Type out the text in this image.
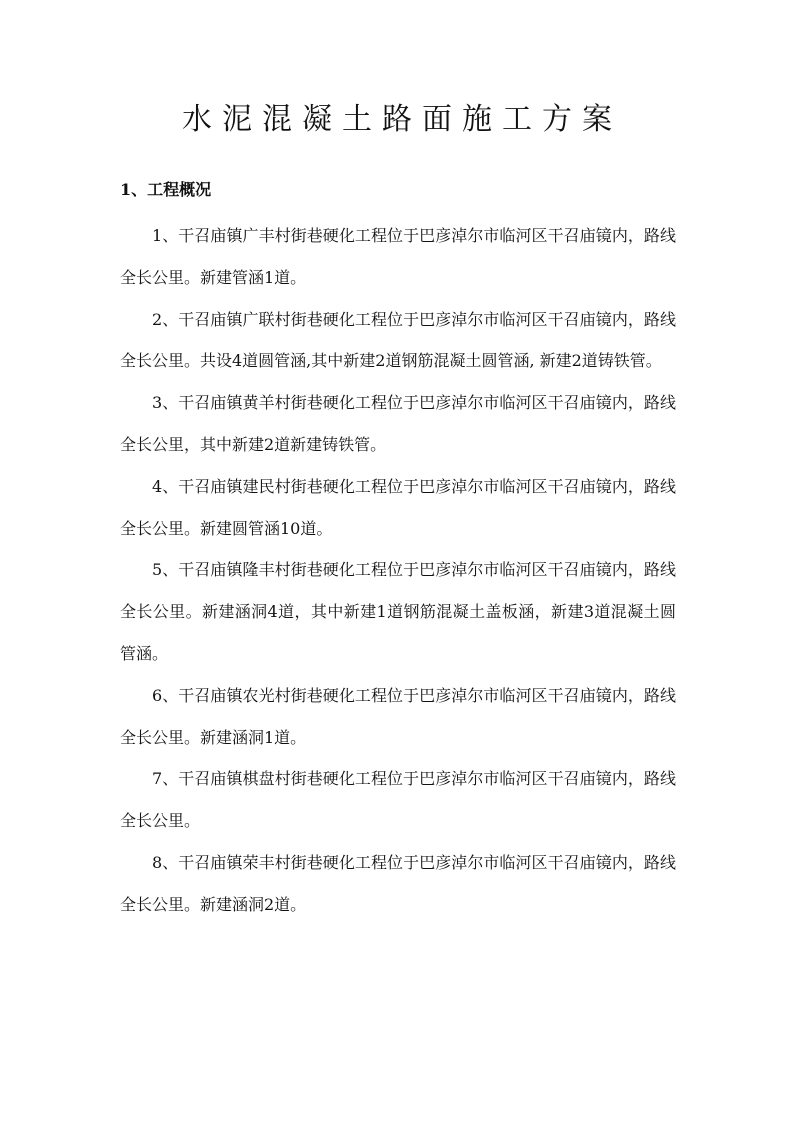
水泥混凝土路面施工方案
1、工程概况

1、干召庙镇广丰村街巷硬化工程位于巴彦淖尔市临河区干召庙镜内，路线全长公里。新建管涵1道。

2、干召庙镇广联村街巷硬化工程位于巴彦淖尔市临河区干召庙镜内，路线全长公里。共设4道圆管涵,其中新建2道钢筋混凝土圆管涵, 新建2道铸铁管。

3、干召庙镇黄羊村街巷硬化工程位于巴彦淖尔市临河区干召庙镜内，路线全长公里，其中新建2道新建铸铁管。

4、干召庙镇建民村街巷硬化工程位于巴彦淖尔市临河区干召庙镜内，路线全长公里。新建圆管涵10道。

5、干召庙镇隆丰村街巷硬化工程位于巴彦淖尔市临河区干召庙镜内，路线全长公里。新建涵洞4道，其中新建1道钢筋混凝土盖板涵，新建3道混凝土圆管涵。

6、干召庙镇农光村街巷硬化工程位于巴彦淖尔市临河区干召庙镜内，路线全长公里。新建涵洞1道。

7、干召庙镇棋盘村街巷硬化工程位于巴彦淖尔市临河区干召庙镜内，路线全长公里。

8、干召庙镇荣丰村街巷硬化工程位于巴彦淖尔市临河区干召庙镜内，路线全长公里。新建涵洞2道。
